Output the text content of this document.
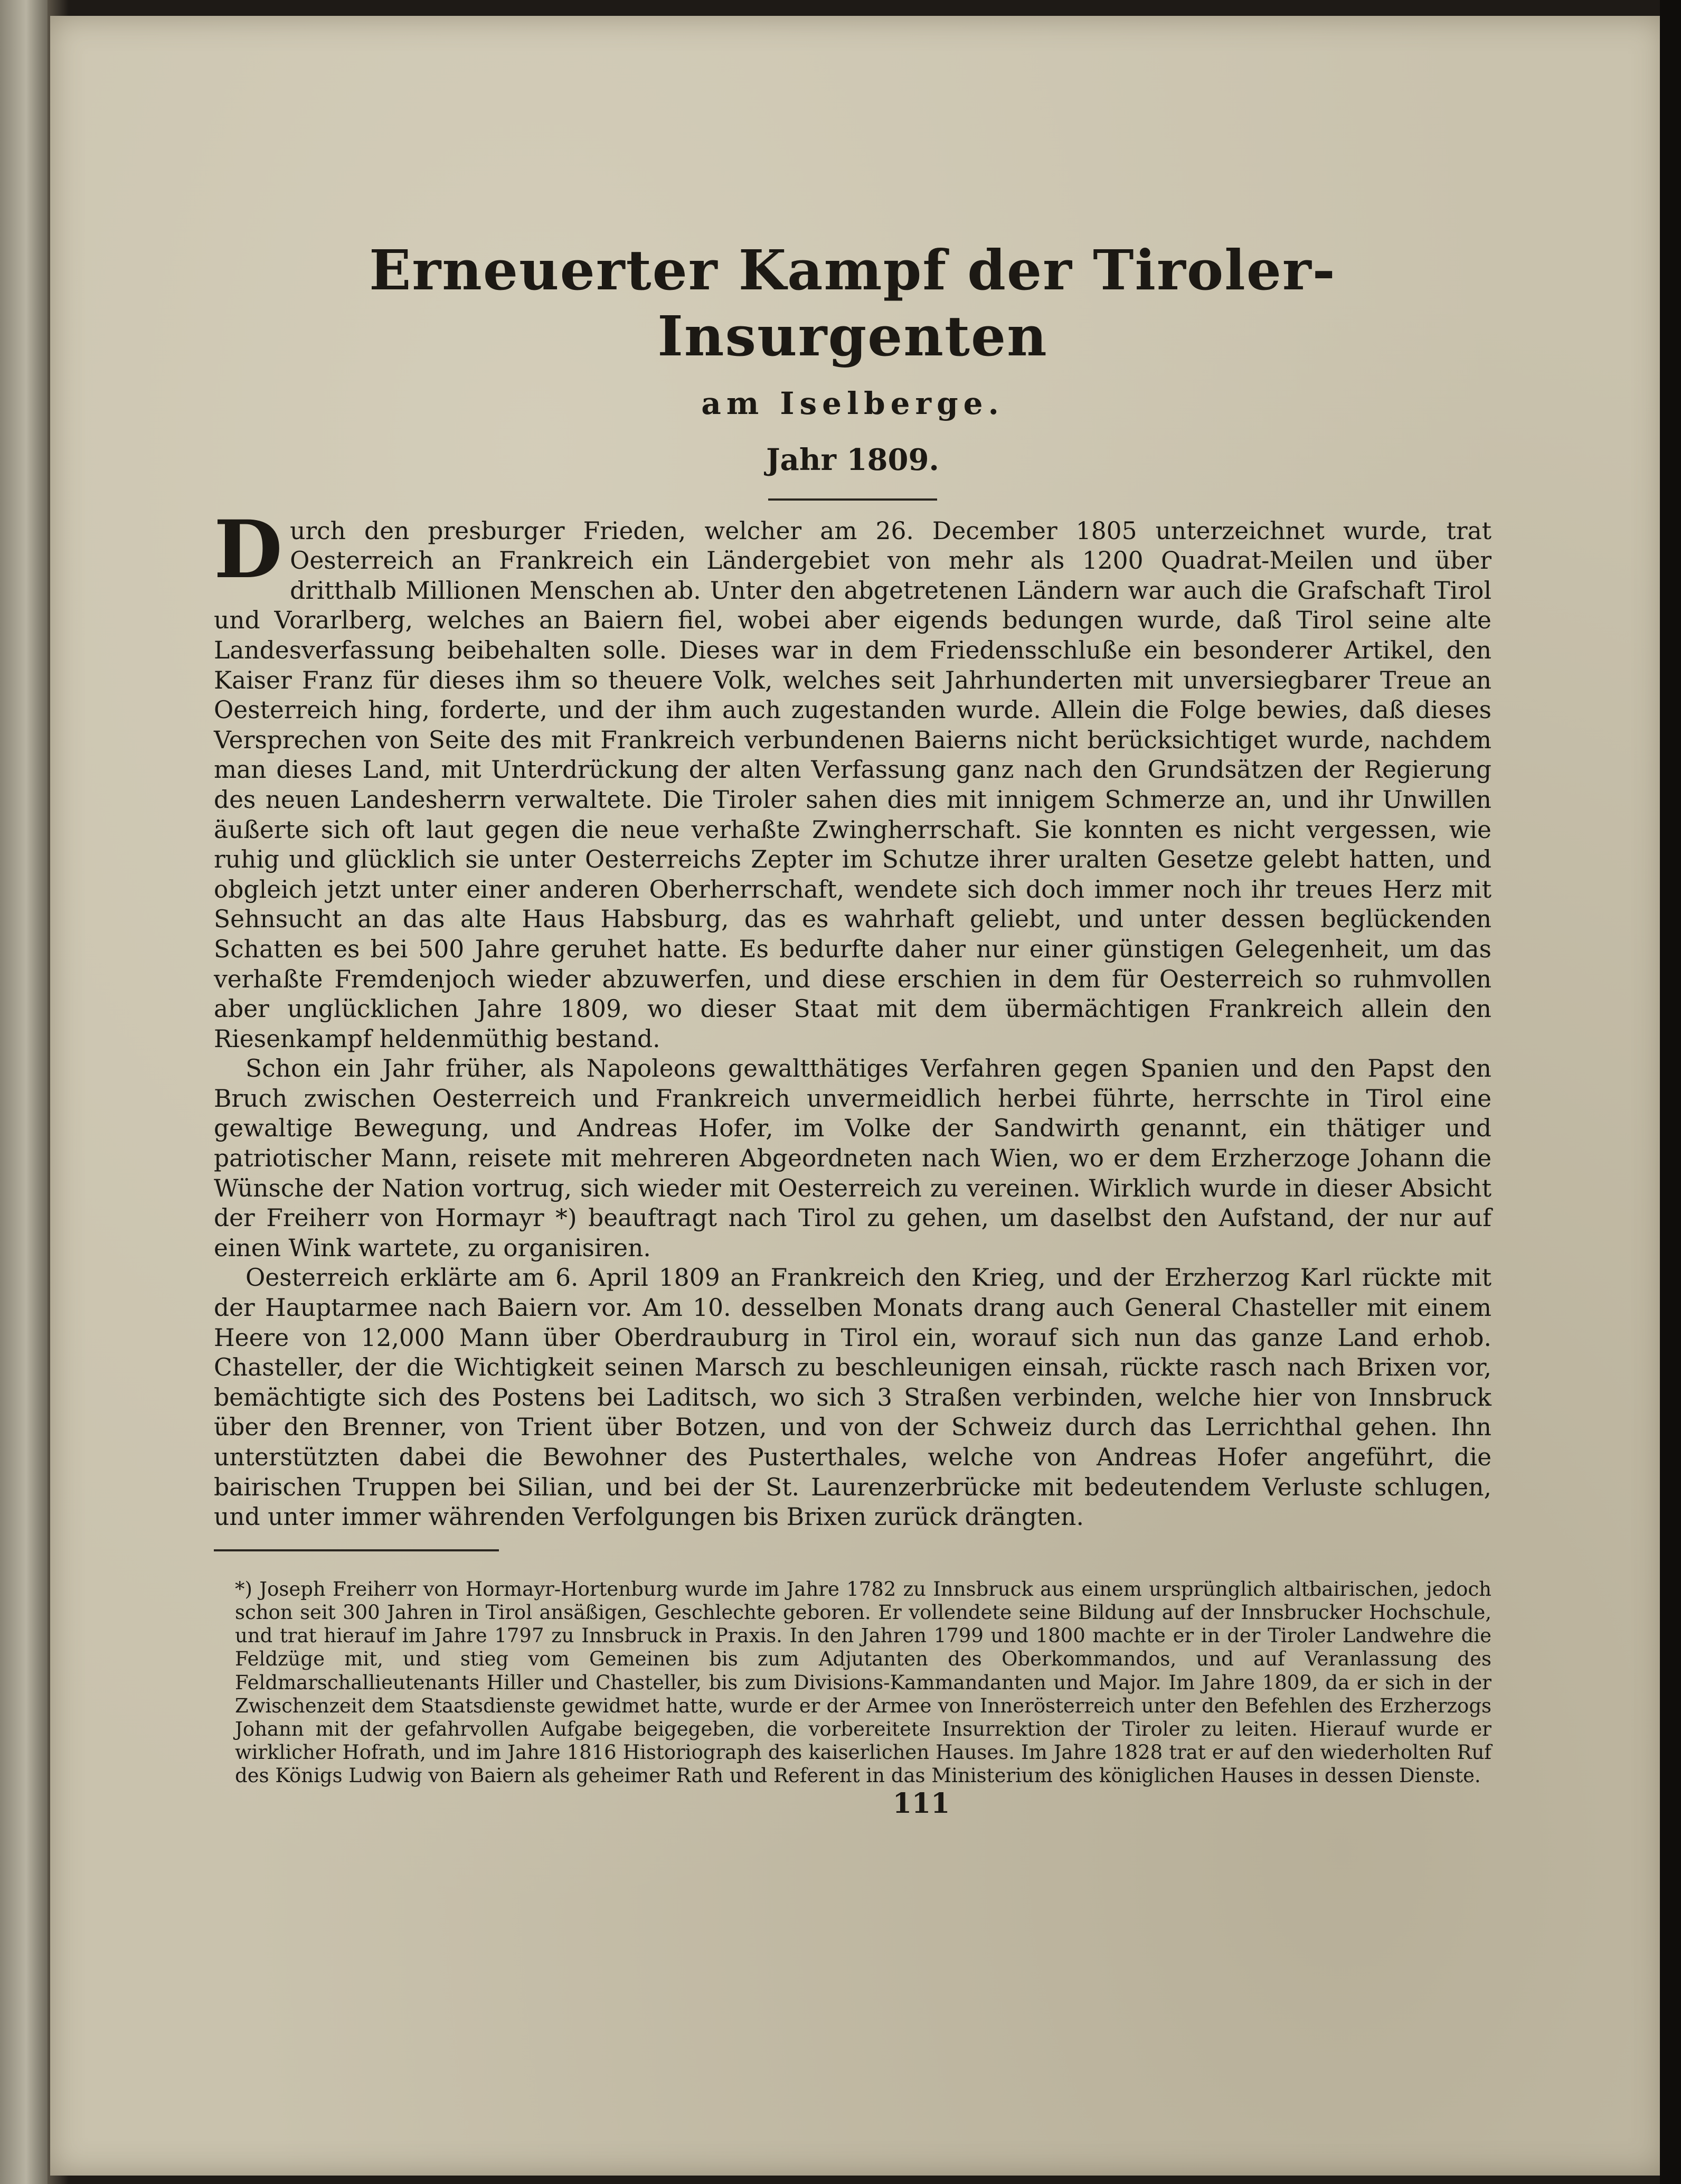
Erneuerter Kampf der Tiroler-Insurgenten
am Iselberge.
Jahr 1809.

Durch den presburger Frieden, welcher am 26. December 1805 unterzeichnet wurde, trat Oesterreich an Frankreich ein Ländergebiet von mehr als 1200 Quadrat-Meilen und über dritthalb Millionen Menschen ab. Unter den abgetretenen Ländern war auch die Grafschaft Tirol und Vorarlberg, welches an Baiern fiel, wobei aber eigends bedungen wurde, daß Tirol seine alte Landesverfassung beibehalten solle. Dieses war in dem Friedensschluße ein besonderer Artikel, den Kaiser Franz für dieses ihm so theuere Volk, welches seit Jahrhunderten mit unversiegbarer Treue an Oesterreich hing, forderte, und der ihm auch zugestanden wurde. Allein die Folge bewies, daß dieses Versprechen von Seite des mit Frankreich verbundenen Baierns nicht berücksichtiget wurde, nachdem man dieses Land, mit Unterdrückung der alten Verfassung ganz nach den Grundsätzen der Regierung des neuen Landesherrn verwaltete. Die Tiroler sahen dies mit innigem Schmerze an, und ihr Unwillen äußerte sich oft laut gegen die neue verhaßte Zwingherrschaft. Sie konnten es nicht vergessen, wie ruhig und glücklich sie unter Oesterreichs Zepter im Schutze ihrer uralten Gesetze gelebt hatten, und obgleich jetzt unter einer anderen Oberherrschaft, wendete sich doch immer noch ihr treues Herz mit Sehnsucht an das alte Haus Habsburg, das es wahrhaft geliebt, und unter dessen beglückenden Schatten es bei 500 Jahre geruhet hatte. Es bedurfte daher nur einer günstigen Gelegenheit, um das verhaßte Fremdenjoch wieder abzuwerfen, und diese erschien in dem für Oesterreich so ruhmvollen aber unglücklichen Jahre 1809, wo dieser Staat mit dem übermächtigen Frankreich allein den Riesenkampf heldenmüthig bestand.

Schon ein Jahr früher, als Napoleons gewaltthätiges Verfahren gegen Spanien und den Papst den Bruch zwischen Oesterreich und Frankreich unvermeidlich herbei führte, herrschte in Tirol eine gewaltige Bewegung, und Andreas Hofer, im Volke der Sandwirth genannt, ein thätiger und patriotischer Mann, reisete mit mehreren Abgeordneten nach Wien, wo er dem Erzherzoge Johann die Wünsche der Nation vortrug, sich wieder mit Oesterreich zu vereinen. Wirklich wurde in dieser Absicht der Freiherr von Hormayr *) beauftragt nach Tirol zu gehen, um daselbst den Aufstand, der nur auf einen Wink wartete, zu organisiren.

Oesterreich erklärte am 6. April 1809 an Frankreich den Krieg, und der Erzherzog Karl rückte mit der Hauptarmee nach Baiern vor. Am 10. desselben Monats drang auch General Chasteller mit einem Heere von 12,000 Mann über Oberdrauburg in Tirol ein, worauf sich nun das ganze Land erhob. Chasteller, der die Wichtigkeit seinen Marsch zu beschleunigen einsah, rückte rasch nach Brixen vor, bemächtigte sich des Postens bei Laditsch, wo sich 3 Straßen verbinden, welche hier von Innsbruck über den Brenner, von Trient über Botzen, und von der Schweiz durch das Lerrichthal gehen. Ihn unterstützten dabei die Bewohner des Pusterthales, welche von Andreas Hofer angeführt, die bairischen Truppen bei Silian, und bei der St. Laurenzerbrücke mit bedeutendem Verluste schlugen, und unter immer währenden Verfolgungen bis Brixen zurück drängten.

*) Joseph Freiherr von Hormayr-Hortenburg wurde im Jahre 1782 zu Innsbruck aus einem ursprünglich altbairischen, jedoch schon seit 300 Jahren in Tirol ansäßigen, Geschlechte geboren. Er vollendete seine Bildung auf der Innsbrucker Hochschule, und trat hierauf im Jahre 1797 zu Innsbruck in Praxis. In den Jahren 1799 und 1800 machte er in der Tiroler Landwehre die Feldzüge mit, und stieg vom Gemeinen bis zum Adjutanten des Oberkommandos, und auf Veranlassung des Feldmarschallieutenants Hiller und Chasteller, bis zum Divisions-Kammandanten und Major. Im Jahre 1809, da er sich in der Zwischenzeit dem Staatsdienste gewidmet hatte, wurde er der Armee von Innerösterreich unter den Befehlen des Erzherzogs Johann mit der gefahrvollen Aufgabe beigegeben, die vorbereitete Insurrektion der Tiroler zu leiten. Hierauf wurde er wirklicher Hofrath, und im Jahre 1816 Historiograph des kaiserlichen Hauses. Im Jahre 1828 trat er auf den wiederholten Ruf des Königs Ludwig von Baiern als geheimer Rath und Referent in das Ministerium des königlichen Hauses in dessen Dienste.

111
